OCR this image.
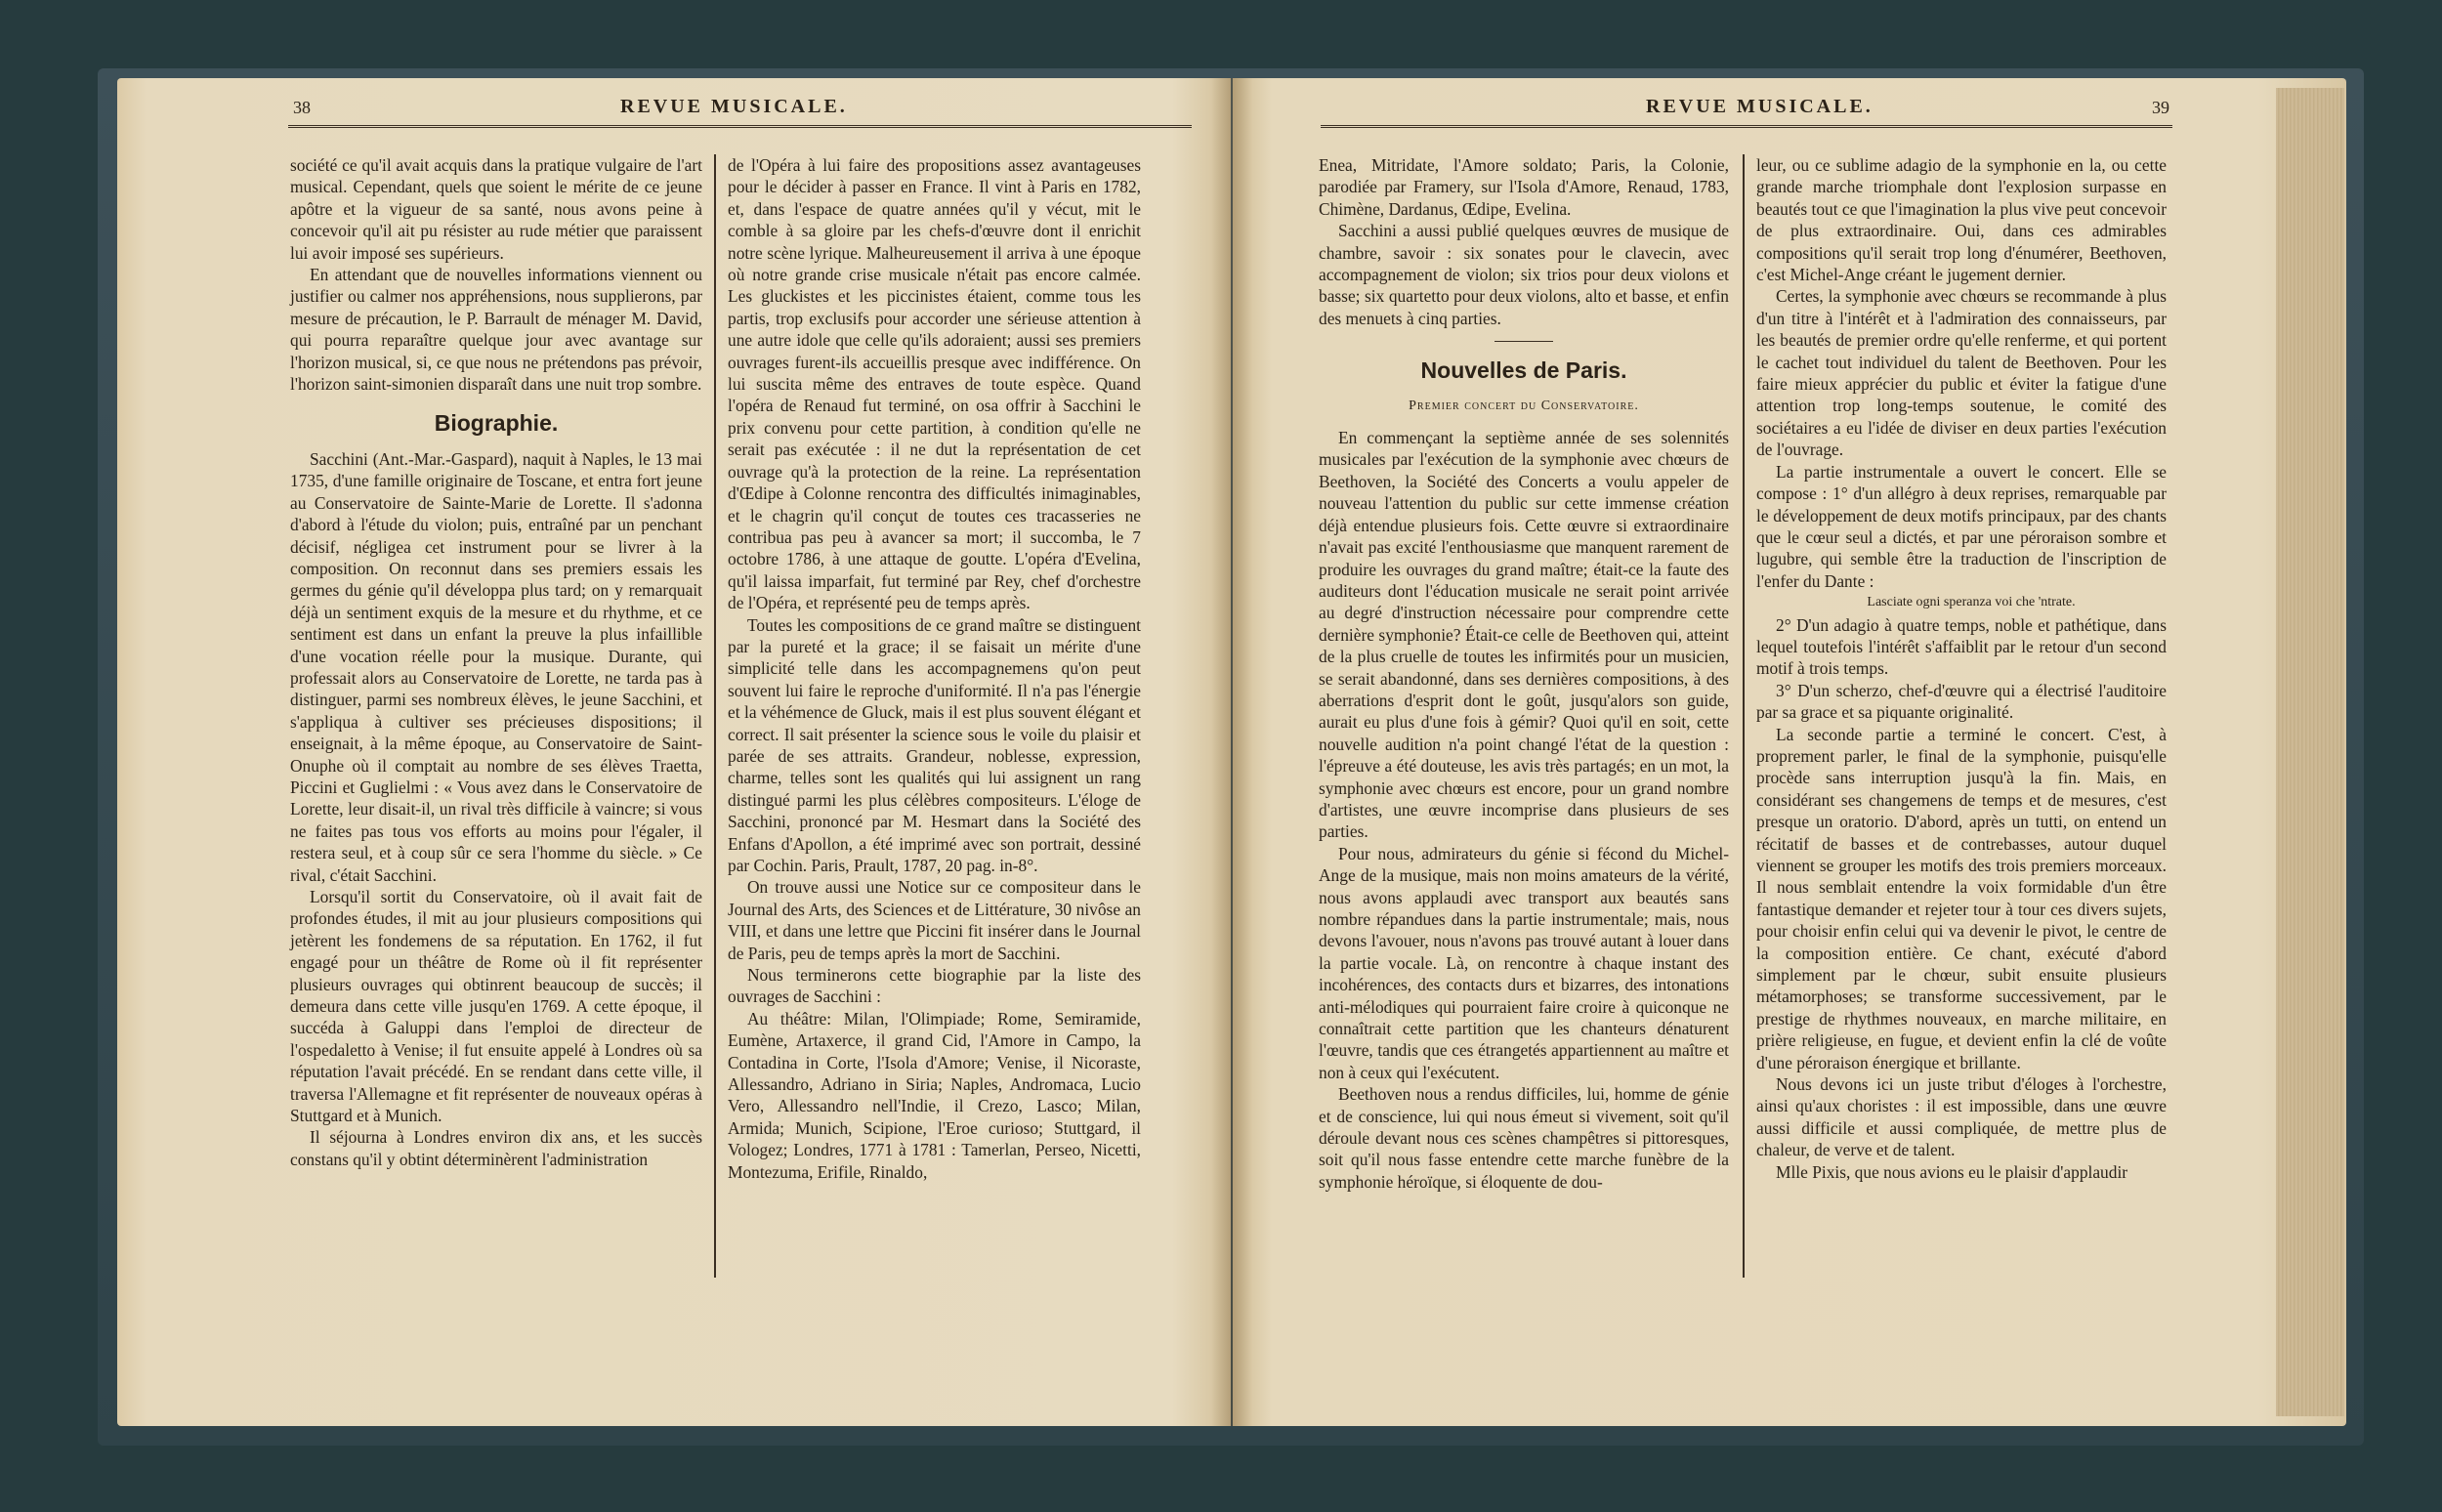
38	REVUE MUSICALE.

société ce qu'il avait acquis dans la pratique vulgaire de l'art musical. Cependant, quels que soient le mérite de ce jeune apôtre et la vigueur de sa santé, nous avons peine à concevoir qu'il ait pu résister au rude métier que paraissent lui avoir imposé ses supérieurs.

En attendant que de nouvelles informations viennent ou justifier ou calmer nos appréhensions, nous supplierons, par mesure de précaution, le P. Barrault de ménager M. David, qui pourra reparaître quelque jour avec avantage sur l'horizon musical, si, ce que nous ne prétendons pas prévoir, l'horizon saint-simonien disparaît dans une nuit trop sombre.

Biographie.

Sacchini (Ant.-Mar.-Gaspard), naquit à Naples, le 13 mai 1735, d'une famille originaire de Toscane, et entra fort jeune au Conservatoire de Sainte-Marie de Lorette. Il s'adonna d'abord à l'étude du violon; puis, entraîné par un penchant décisif, négligea cet instrument pour se livrer à la composition. On reconnut dans ses premiers essais les germes du génie qu'il développa plus tard; on y remarquait déjà un sentiment exquis de la mesure et du rhythme, et ce sentiment est dans un enfant la preuve la plus infaillible d'une vocation réelle pour la musique. Durante, qui professait alors au Conservatoire de Lorette, ne tarda pas à distinguer, parmi ses nombreux élèves, le jeune Sacchini, et s'appliqua à cultiver ses précieuses dispositions; il enseignait, à la même époque, au Conservatoire de Saint-Onuphe où il comptait au nombre de ses élèves Traetta, Piccini et Guglielmi : « Vous avez dans le Conservatoire de Lorette, leur disait-il, un rival très difficile à vaincre; si vous ne faites pas tous vos efforts au moins pour l'égaler, il restera seul, et à coup sûr ce sera l'homme du siècle. » Ce rival, c'était Sacchini.

Lorsqu'il sortit du Conservatoire, où il avait fait de profondes études, il mit au jour plusieurs compositions qui jetèrent les fondemens de sa réputation. En 1762, il fut engagé pour un théâtre de Rome où il fit représenter plusieurs ouvrages qui obtinrent beaucoup de succès; il demeura dans cette ville jusqu'en 1769. A cette époque, il succéda à Galuppi dans l'emploi de directeur de l'ospedaletto à Venise; il fut ensuite appelé à Londres où sa réputation l'avait précédé. En se rendant dans cette ville, il traversa l'Allemagne et fit représenter de nouveaux opéras à Stuttgard et à Munich.

Il séjourna à Londres environ dix ans, et les succès constans qu'il y obtint déterminèrent l'administration

de l'Opéra à lui faire des propositions assez avantageuses pour le décider à passer en France. Il vint à Paris en 1782, et, dans l'espace de quatre années qu'il y vécut, mit le comble à sa gloire par les chefs-d'œuvre dont il enrichit notre scène lyrique. Malheureusement il arriva à une époque où notre grande crise musicale n'était pas encore calmée. Les gluckistes et les piccinistes étaient, comme tous les partis, trop exclusifs pour accorder une sérieuse attention à une autre idole que celle qu'ils adoraient; aussi ses premiers ouvrages furent-ils accueillis presque avec indifférence. On lui suscita même des entraves de toute espèce. Quand l'opéra de Renaud fut terminé, on osa offrir à Sacchini le prix convenu pour cette partition, à condition qu'elle ne serait pas exécutée : il ne dut la représentation de cet ouvrage qu'à la protection de la reine. La représentation d'Œdipe à Colonne rencontra des difficultés inimaginables, et le chagrin qu'il conçut de toutes ces tracasseries ne contribua pas peu à avancer sa mort; il succomba, le 7 octobre 1786, à une attaque de goutte. L'opéra d'Evelina, qu'il laissa imparfait, fut terminé par Rey, chef d'orchestre de l'Opéra, et représenté peu de temps après.

Toutes les compositions de ce grand maître se distinguent par la pureté et la grace; il se faisait un mérite d'une simplicité telle dans les accompagnemens qu'on peut souvent lui faire le reproche d'uniformité. Il n'a pas l'énergie et la véhémence de Gluck, mais il est plus souvent élégant et correct. Il sait présenter la science sous le voile du plaisir et parée de ses attraits. Grandeur, noblesse, expression, charme, telles sont les qualités qui lui assignent un rang distingué parmi les plus célèbres compositeurs. L'éloge de Sacchini, prononcé par M. Hesmart dans la Société des Enfans d'Apollon, a été imprimé avec son portrait, dessiné par Cochin. Paris, Prault, 1787, 20 pag. in-8°.

On trouve aussi une Notice sur ce compositeur dans le Journal des Arts, des Sciences et de Littérature, 30 nivôse an VIII, et dans une lettre que Piccini fit insérer dans le Journal de Paris, peu de temps après la mort de Sacchini.

Nous terminerons cette biographie par la liste des ouvrages de Sacchini :

Au théâtre: Milan, l'Olimpiade; Rome, Semiramide, Eumène, Artaxerce, il grand Cid, l'Amore in Campo, la Contadina in Corte, l'Isola d'Amore; Venise, il Nicoraste, Allessandro, Adriano in Siria; Naples, Andromaca, Lucio Vero, Allessandro nell'Indie, il Crezo, Lasco; Milan, Armida; Munich, Scipione, l'Eroe curioso; Stuttgard, il Vologez; Londres, 1771 à 1781 : Tamerlan, Perseo, Nicetti, Montezuma, Erifile, Rinaldo,

REVUE MUSICALE.	39

Enea, Mitridate, l'Amore soldato; Paris, la Colonie, parodiée par Framery, sur l'Isola d'Amore, Renaud, 1783, Chimène, Dardanus, Œdipe, Evelina.

Sacchini a aussi publié quelques œuvres de musique de chambre, savoir : six sonates pour le clavecin, avec accompagnement de violon; six trios pour deux violons et basse; six quartetto pour deux violons, alto et basse, et enfin des menuets à cinq parties.

Nouvelles de Paris.
Premier concert du Conservatoire.

En commençant la septième année de ses solennités musicales par l'exécution de la symphonie avec chœurs de Beethoven, la Société des Concerts a voulu appeler de nouveau l'attention du public sur cette immense création déjà entendue plusieurs fois. Cette œuvre si extraordinaire n'avait pas excité l'enthousiasme que manquent rarement de produire les ouvrages du grand maître; était-ce la faute des auditeurs dont l'éducation musicale ne serait point arrivée au degré d'instruction nécessaire pour comprendre cette dernière symphonie? Était-ce celle de Beethoven qui, atteint de la plus cruelle de toutes les infirmités pour un musicien, se serait abandonné, dans ses dernières compositions, à des aberrations d'esprit dont le goût, jusqu'alors son guide, aurait eu plus d'une fois à gémir? Quoi qu'il en soit, cette nouvelle audition n'a point changé l'état de la question : l'épreuve a été douteuse, les avis très partagés; en un mot, la symphonie avec chœurs est encore, pour un grand nombre d'artistes, une œuvre incomprise dans plusieurs de ses parties.

Pour nous, admirateurs du génie si fécond du Michel-Ange de la musique, mais non moins amateurs de la vérité, nous avons applaudi avec transport aux beautés sans nombre répandues dans la partie instrumentale; mais, nous devons l'avouer, nous n'avons pas trouvé autant à louer dans la partie vocale. Là, on rencontre à chaque instant des incohérences, des contacts durs et bizarres, des intonations anti-mélodiques qui pourraient faire croire à quiconque ne connaîtrait cette partition que les chanteurs dénaturent l'œuvre, tandis que ces étrangetés appartiennent au maître et non à ceux qui l'exécutent.

Beethoven nous a rendus difficiles, lui, homme de génie et de conscience, lui qui nous émeut si vivement, soit qu'il déroule devant nous ces scènes champêtres si pittoresques, soit qu'il nous fasse entendre cette marche funèbre de la symphonie héroïque, si éloquente de dou-

leur, ou ce sublime adagio de la symphonie en la, ou cette grande marche triomphale dont l'explosion surpasse en beautés tout ce que l'imagination la plus vive peut concevoir de plus extraordinaire. Oui, dans ces admirables compositions qu'il serait trop long d'énumérer, Beethoven, c'est Michel-Ange créant le jugement dernier.

Certes, la symphonie avec chœurs se recommande à plus d'un titre à l'intérêt et à l'admiration des connaisseurs, par les beautés de premier ordre qu'elle renferme, et qui portent le cachet tout individuel du talent de Beethoven. Pour les faire mieux apprécier du public et éviter la fatigue d'une attention trop long-temps soutenue, le comité des sociétaires a eu l'idée de diviser en deux parties l'exécution de l'ouvrage.

La partie instrumentale a ouvert le concert. Elle se compose : 1° d'un allégro à deux reprises, remarquable par le développement de deux motifs principaux, par des chants que le cœur seul a dictés, et par une péroraison sombre et lugubre, qui semble être la traduction de l'inscription de l'enfer du Dante :

Lasciate ogni speranza voi che 'ntrate.

2° D'un adagio à quatre temps, noble et pathétique, dans lequel toutefois l'intérêt s'affaiblit par le retour d'un second motif à trois temps.

3° D'un scherzo, chef-d'œuvre qui a électrisé l'auditoire par sa grace et sa piquante originalité.

La seconde partie a terminé le concert. C'est, à proprement parler, le final de la symphonie, puisqu'elle procède sans interruption jusqu'à la fin. Mais, en considérant ses changemens de temps et de mesures, c'est presque un oratorio. D'abord, après un tutti, on entend un récitatif de basses et de contrebasses, autour duquel viennent se grouper les motifs des trois premiers morceaux. Il nous semblait entendre la voix formidable d'un être fantastique demander et rejeter tour à tour ces divers sujets, pour choisir enfin celui qui va devenir le pivot, le centre de la composition entière. Ce chant, exécuté d'abord simplement par le chœur, subit ensuite plusieurs métamorphoses; se transforme successivement, par le prestige de rhythmes nouveaux, en marche militaire, en prière religieuse, en fugue, et devient enfin la clé de voûte d'une péroraison énergique et brillante.

Nous devons ici un juste tribut d'éloges à l'orchestre, ainsi qu'aux choristes : il est impossible, dans une œuvre aussi difficile et aussi compliquée, de mettre plus de chaleur, de verve et de talent.

Mlle Pixis, que nous avions eu le plaisir d'applaudir
